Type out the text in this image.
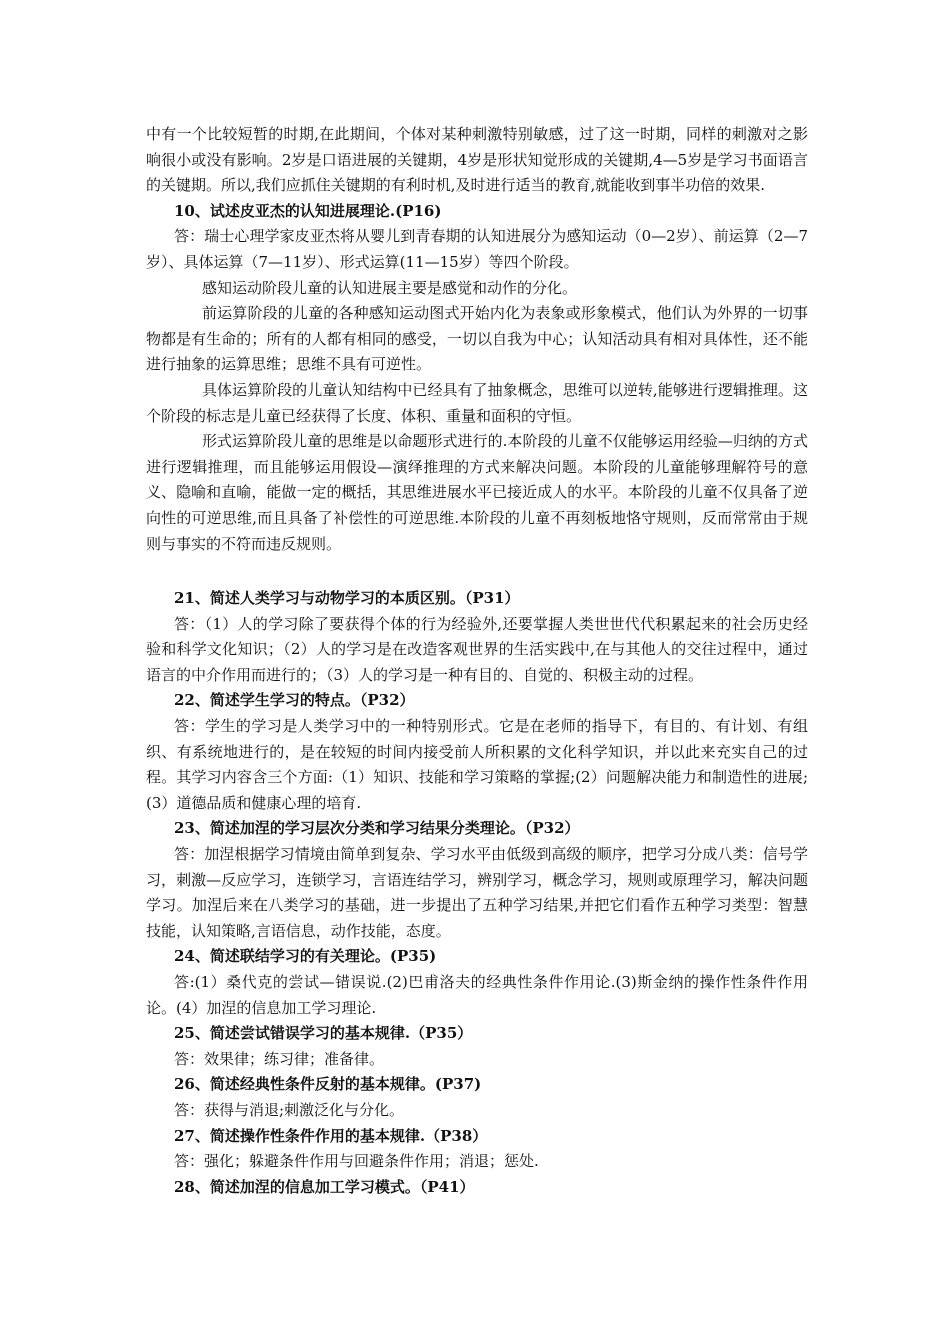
中有一个比较短暂的时期,在此期间，个体对某种刺激特别敏感，过了这一时期，同样的刺激对之影响很小或没有影响。2岁是口语进展的关键期，4岁是形状知觉形成的关键期,4—5岁是学习书面语言的关键期。所以,我们应抓住关键期的有利时机,及时进行适当的教育,就能收到事半功倍的效果.

10、试述皮亚杰的认知进展理论.(P16)

答：瑞士心理学家皮亚杰将从婴儿到青春期的认知进展分为感知运动（0—2岁）、前运算（2—7岁）、具体运算（7—11岁）、形式运算(11—15岁）等四个阶段。

感知运动阶段儿童的认知进展主要是感觉和动作的分化。

前运算阶段的儿童的各种感知运动图式开始内化为表象或形象模式，他们认为外界的一切事物都是有生命的；所有的人都有相同的感受，一切以自我为中心；认知活动具有相对具体性，还不能进行抽象的运算思维；思维不具有可逆性。

具体运算阶段的儿童认知结构中已经具有了抽象概念，思维可以逆转,能够进行逻辑推理。这个阶段的标志是儿童已经获得了长度、体积、重量和面积的守恒。

形式运算阶段儿童的思维是以命题形式进行的.本阶段的儿童不仅能够运用经验—归纳的方式进行逻辑推理，而且能够运用假设—演绎推理的方式来解决问题。本阶段的儿童能够理解符号的意义、隐喻和直喻，能做一定的概括，其思维进展水平已接近成人的水平。本阶段的儿童不仅具备了逆向性的可逆思维,而且具备了补偿性的可逆思维.本阶段的儿童不再刻板地恪守规则，反而常常由于规则与事实的不符而违反规则。

21、简述人类学习与动物学习的本质区别。（P31）

答：（1）人的学习除了要获得个体的行为经验外,还要掌握人类世世代代积累起来的社会历史经验和科学文化知识；（2）人的学习是在改造客观世界的生活实践中,在与其他人的交往过程中，通过语言的中介作用而进行的；（3）人的学习是一种有目的、自觉的、积极主动的过程。

22、简述学生学习的特点。（P32）

答：学生的学习是人类学习中的一种特别形式。它是在老师的指导下，有目的、有计划、有组织、有系统地进行的，是在较短的时间内接受前人所积累的文化科学知识，并以此来充实自己的过程。其学习内容含三个方面:（1）知识、技能和学习策略的掌握;(2）问题解决能力和制造性的进展;(3）道德品质和健康心理的培育.

23、简述加涅的学习层次分类和学习结果分类理论。（P32）

答：加涅根据学习情境由简单到复杂、学习水平由低级到高级的顺序，把学习分成八类：信号学习，刺激—反应学习，连锁学习，言语连结学习，辨别学习，概念学习，规则或原理学习，解决问题学习。加涅后来在八类学习的基础，进一步提出了五种学习结果,并把它们看作五种学习类型：智慧技能，认知策略,言语信息，动作技能，态度。

24、简述联结学习的有关理论。(P35)

答:(1）桑代克的尝试—错误说.(2)巴甫洛夫的经典性条件作用论.(3)斯金纳的操作性条件作用论。(4）加涅的信息加工学习理论.

25、简述尝试错误学习的基本规律.（P35）

答：效果律；练习律；准备律。

26、简述经典性条件反射的基本规律。(P37)

答：获得与消退;刺激泛化与分化。

27、简述操作性条件作用的基本规律.（P38）

答：强化；躲避条件作用与回避条件作用；消退；惩处.

28、简述加涅的信息加工学习模式。（P41）
